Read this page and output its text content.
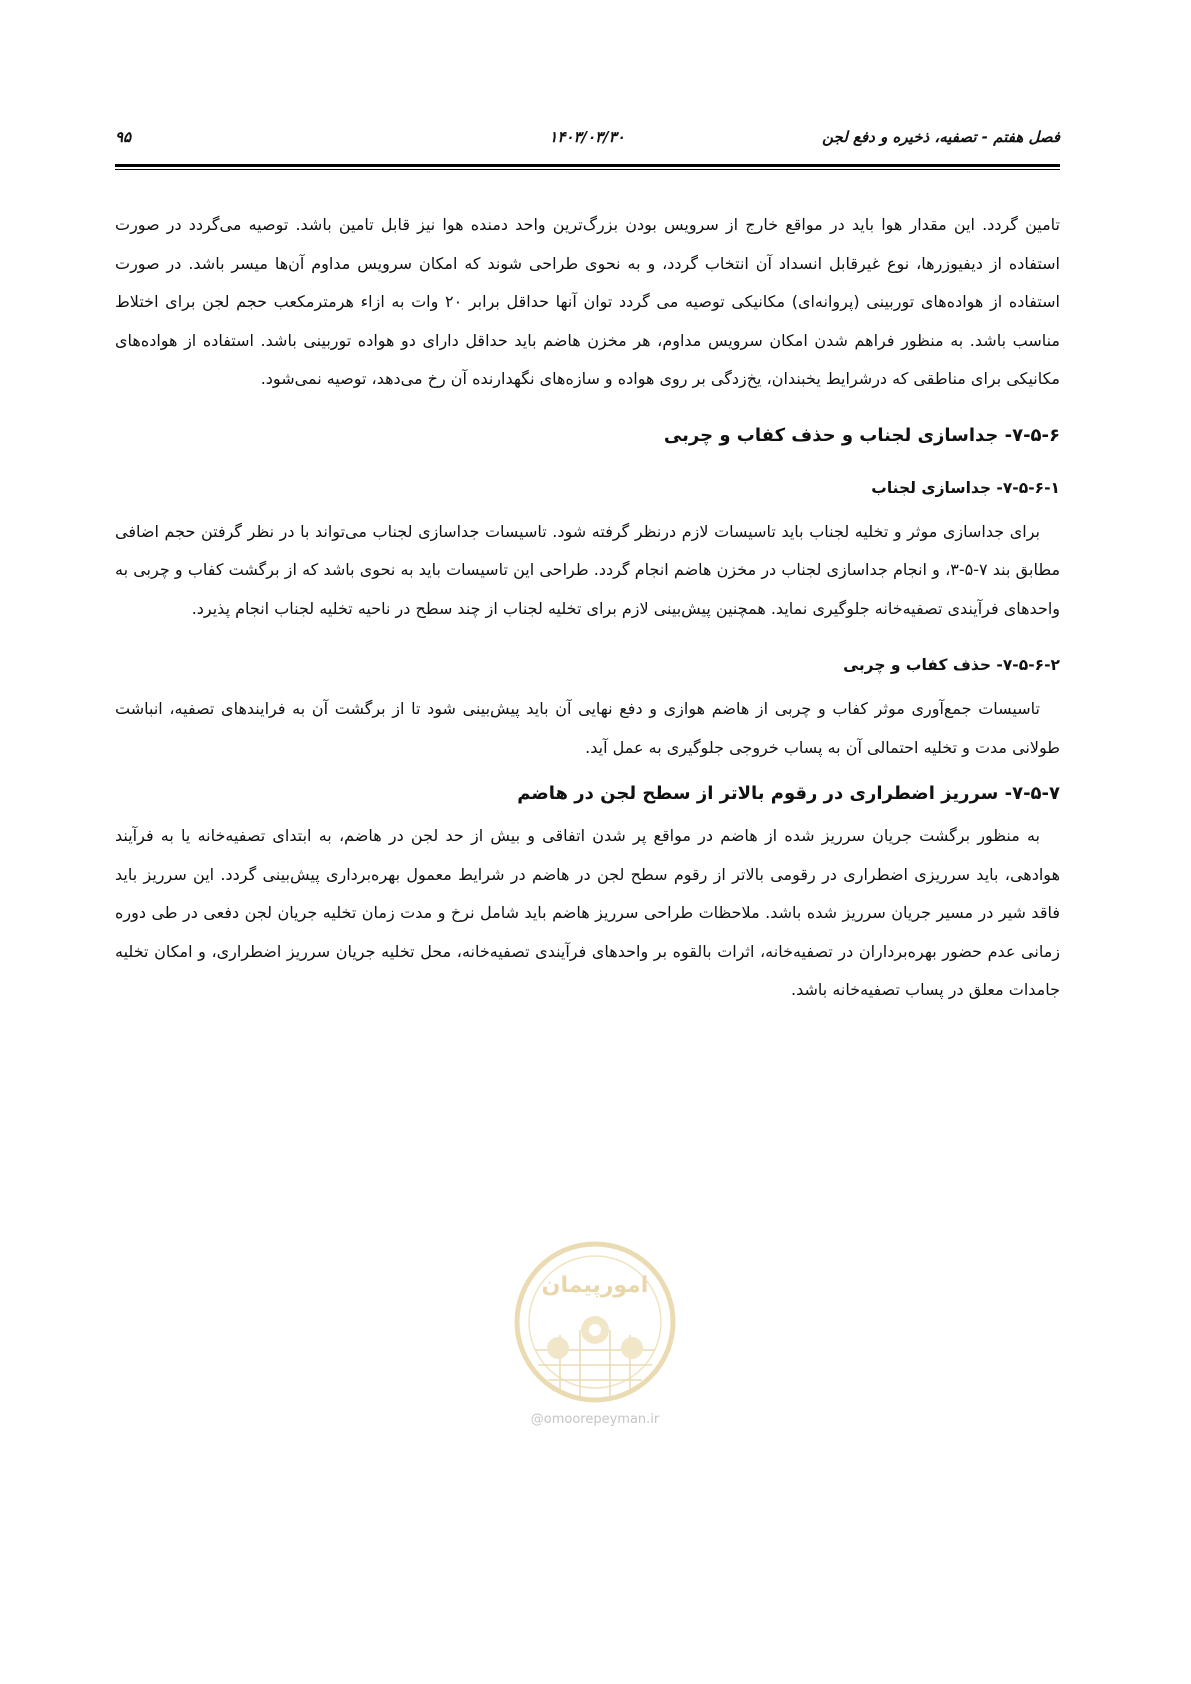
فصل هفتم - تصفیه، ذخیره و دفع لجن
۱۴۰۳/۰۳/۳۰
۹۵

تامین گردد. این مقدار هوا باید در مواقع خارج از سرویس بودن بزرگ‌ترین واحد دمنده هوا نیز قابل تامین باشد. توصیه می‌گردد در صورت استفاده از دیفیوزرها، نوع غیرقابل انسداد آن انتخاب گردد، و به نحوی طراحی شوند که امکان سرویس مداوم آن‌ها میسر باشد. در صورت استفاده از هواده‌های توربینی (پروانه‌ای) مکانیکی توصیه می گردد توان آنها حداقل برابر ۲۰ وات به ازاء هرمترمکعب حجم لجن برای اختلاط مناسب باشد. به منظور فراهم شدن امکان سرویس مداوم، هر مخزن هاضم باید حداقل دارای دو هواده توربینی باشد. استفاده از هواده‌های مکانیکی برای مناطقی که درشرایط یخبندان، یخ‌زدگی بر روی هواده و سازه‌های نگهدارنده آن رخ می‌دهد، توصیه نمی‌شود.

۷-۵-۶- جداسازی لجناب و حذف کفاب و چربی
۷-۵-۶-۱- جداسازی لجناب

برای جداسازی موثر و تخلیه لجناب باید تاسیسات لازم درنظر گرفته شود. تاسیسات جداسازی لجناب می‌تواند با در نظر گرفتن حجم اضافی مطابق بند ۷-۵-۳، و انجام جداسازی لجناب در مخزن هاضم انجام گردد. طراحی این تاسیسات باید به نحوی باشد که از برگشت کفاب و چربی به واحدهای فرآیندی تصفیه‌خانه جلوگیری نماید. همچنین پیش‌بینی لازم برای تخلیه لجناب از چند سطح در ناحیه تخلیه لجناب انجام پذیرد.

۷-۵-۶-۲- حذف کفاب و چربی

تاسیسات جمع‌آوری موثر کفاب و چربی از هاضم هوازی و دفع نهایی آن باید پیش‌بینی شود تا از برگشت آن به فرایندهای تصفیه، انباشت طولانی مدت و تخلیه احتمالی آن به پساب خروجی جلوگیری به عمل آید.

۷-۵-۷- سرریز اضطراری در رقوم بالاتر از سطح لجن در هاضم

به منظور برگشت جریان سرریز شده از هاضم در مواقع پر شدن اتفاقی و بیش از حد لجن در هاضم، به ابتدای تصفیه‌خانه یا به فرآیند هوادهی، باید سرریزی اضطراری در رقومی بالاتر از رقوم سطح لجن در هاضم در شرایط معمول بهره‌برداری پیش‌بینی گردد. این سرریز باید فاقد شیر در مسیر جریان سرریز شده باشد. ملاحظات طراحی سرریز هاضم باید شامل نرخ و مدت زمان تخلیه جریان لجن دفعی در طی دوره زمانی عدم حضور بهره‌برداران در تصفیه‌خانه، اثرات بالقوه بر واحدهای فرآیندی تصفیه‌خانه، محل تخلیه جریان سرریز اضطراری، و امکان تخلیه جامدات معلق در پساب تصفیه‌خانه باشد.

امورپیمان
@omoorepeyman.ir
